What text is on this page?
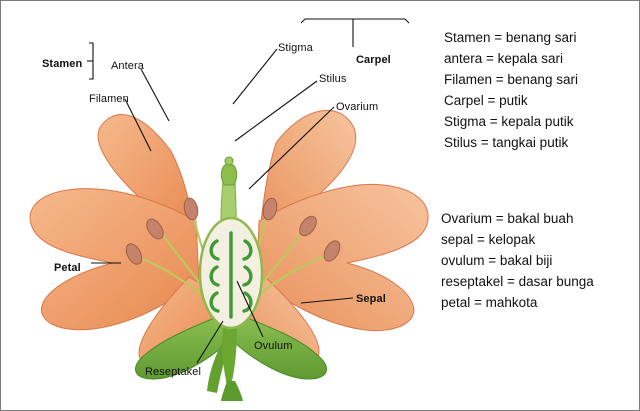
Stamen	Antera
Filamen
Stigma
Carpel
Stilus
Ovarium
Petal
Sepal
Ovulum
Reseptakel
Stamen = benang sari
antera = kepala sari
Filamen = benang sari
Carpel = putik
Stigma = kepala putik
Stilus = tangkai putik
Ovarium = bakal buah
sepal = kelopak
ovulum = bakal biji
reseptakel = dasar bunga
petal = mahkota
